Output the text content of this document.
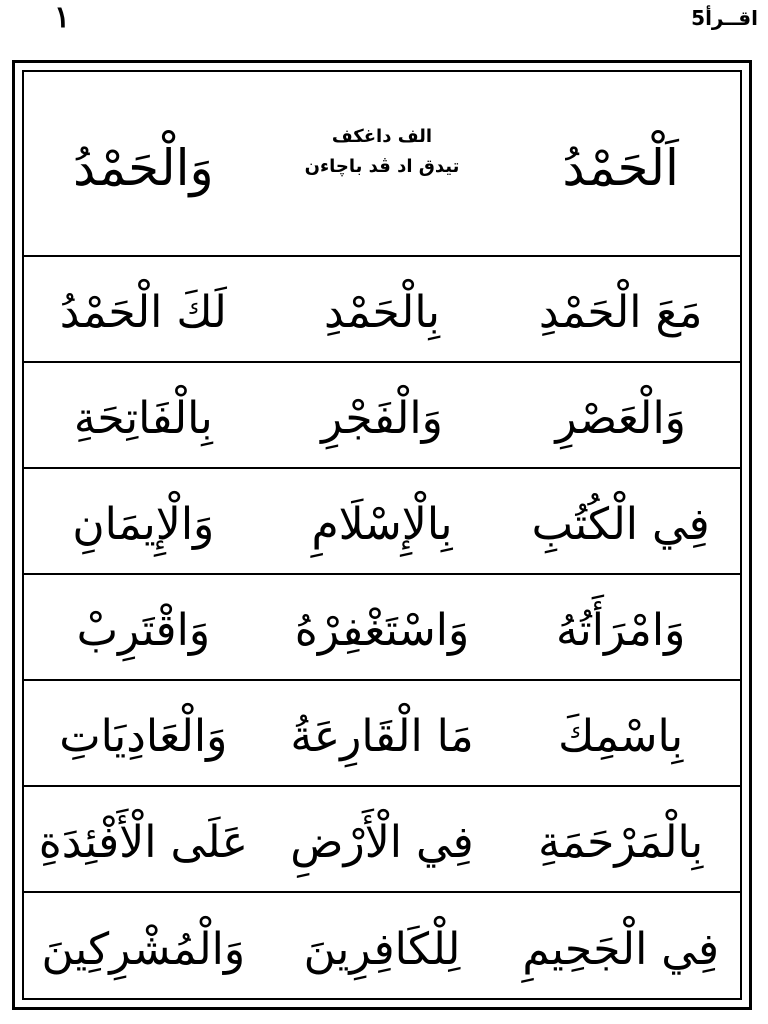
١	اقــرأ5
اَلْحَمْدُ
الف داغكف
تيدق اد ڤد باچاءن
وَالْحَمْدُ
مَعَ الْحَمْدِ
بِالْحَمْدِ
لَكَ الْحَمْدُ
وَالْعَصْرِ
وَالْفَجْرِ
بِالْفَاتِحَةِ
فِي الْكُتُبِ
بِالْإِسْلَامِ
وَالْإِيمَانِ
وَامْرَأَتُهُ
وَاسْتَغْفِرْهُ
وَاقْتَرِبْ
بِاسْمِكَ
مَا الْقَارِعَةُ
وَالْعَادِيَاتِ
بِالْمَرْحَمَةِ
فِي الْأَرْضِ
عَلَى الْأَفْئِدَةِ
فِي الْجَحِيمِ
لِلْكَافِرِينَ
وَالْمُشْرِكِينَ
